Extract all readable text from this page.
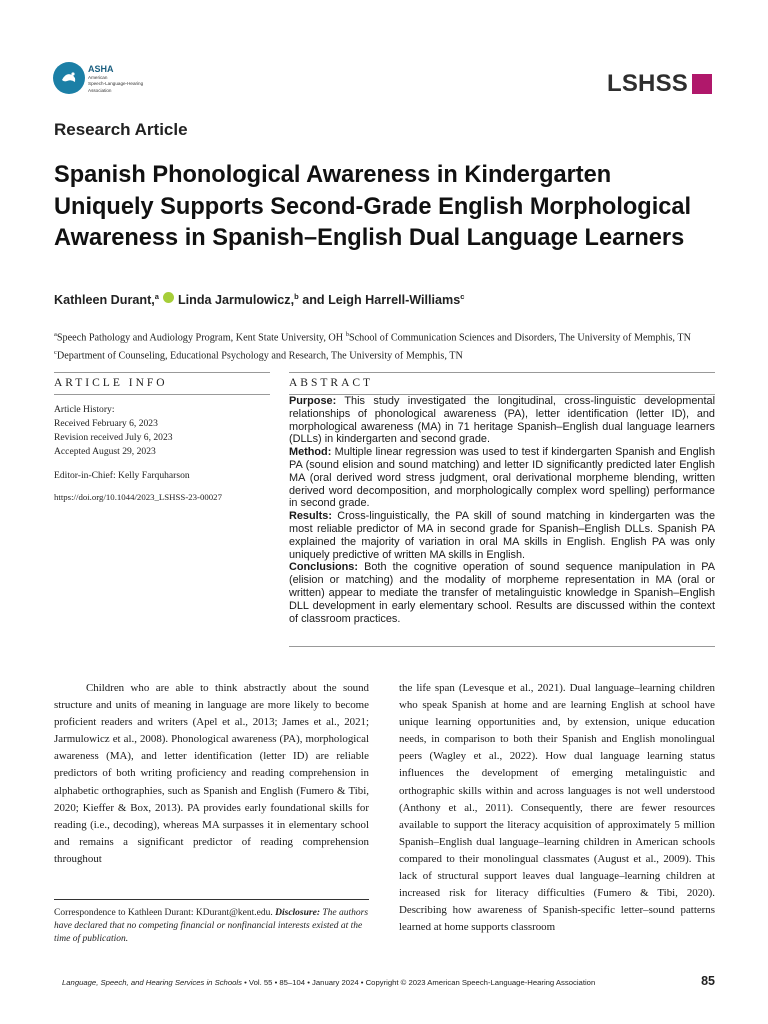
ASHA
American
Speech-Language-Hearing
Association	LSHSS
Research Article
Spanish Phonological Awareness in Kindergarten Uniquely Supports Second-Grade English Morphological Awareness in Spanish–English Dual Language Learners
Kathleen Durant,$^a$ Linda Jarmulowicz,$^b$ and Leigh Harrell-Williams$^c$
$^a$Speech Pathology and Audiology Program, Kent State University, OH $^b$School of Communication Sciences and Disorders, The University of Memphis, TN $^c$Department of Counseling, Educational Psychology and Research, The University of Memphis, TN
ARTICLE INFO	ABSTRACT
Article History:
Received February 6, 2023
Revision received July 6, 2023
Accepted August 29, 2023
Editor-in-Chief: Kelly Farquharson
https://doi.org/10.1044/2023_LSHSS-23-00027

Purpose: This study investigated the longitudinal, cross-linguistic developmental relationships of phonological awareness (PA), letter identification (letter ID), and morphological awareness (MA) in 71 heritage Spanish–English dual language learners (DLLs) in kindergarten and second grade.

Method: Multiple linear regression was used to test if kindergarten Spanish and English PA (sound elision and sound matching) and letter ID significantly predicted later English MA (oral derived word stress judgment, oral derivational morpheme blending, written derived word decomposition, and morphologically complex word spelling) performance in second grade.

Results: Cross-linguistically, the PA skill of sound matching in kindergarten was the most reliable predictor of MA in second grade for Spanish–English DLLs. Spanish PA explained the majority of variation in oral MA skills in English. English PA was only uniquely predictive of written MA skills in English.

Conclusions: Both the cognitive operation of sound sequence manipulation in PA (elision or matching) and the modality of morpheme representation in MA (oral or written) appear to mediate the transfer of metalinguistic knowledge in Spanish–English DLL development in early elementary school. Results are discussed within the context of classroom practices.

Children who are able to think abstractly about the sound structure and units of meaning in language are more likely to become proficient readers and writers (Apel et al., 2013; James et al., 2021; Jarmulowicz et al., 2008). Phonological awareness (PA), morphological awareness (MA), and letter identification (letter ID) are reliable predictors of both writing proficiency and reading comprehension in alphabetic orthographies, such as Spanish and English (Fumero & Tibi, 2020; Kieffer & Box, 2013). PA provides early foundational skills for reading (i.e., decoding), whereas MA surpasses it in elementary school and remains a significant predictor of reading comprehension throughout

the life span (Levesque et al., 2021). Dual language–learning children who speak Spanish at home and are learning English at school have unique learning opportunities and, by extension, unique education needs, in comparison to both their Spanish and English monolingual peers (Wagley et al., 2022). How dual language learning status influences the development of emerging metalinguistic and orthographic skills within and across languages is not well understood (Anthony et al., 2011). Consequently, there are fewer resources available to support the literacy acquisition of approximately 5 million Spanish–English dual language–learning children in American schools compared to their monolingual classmates (August et al., 2009). This lack of structural support leaves dual language–learning children at increased risk for literacy difficulties (Fumero & Tibi, 2020). Describing how awareness of Spanish-specific letter–sound patterns learned at home supports classroom

Correspondence to Kathleen Durant: KDurant@kent.edu. Disclosure: The authors have declared that no competing financial or nonfinancial interests existed at the time of publication.
Language, Speech, and Hearing Services in Schools • Vol. 55 • 85–104 • January 2024 • Copyright © 2023 American Speech-Language-Hearing Association	85
